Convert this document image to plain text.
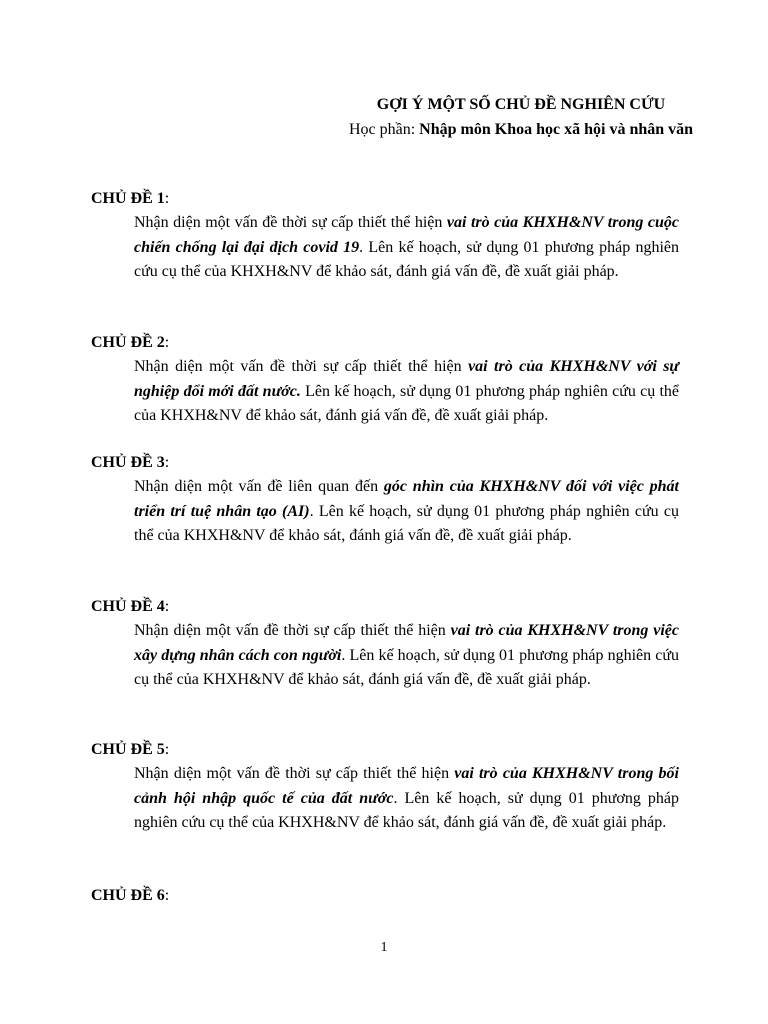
GỢI Ý MỘT SỐ CHỦ ĐỀ NGHIÊN CỨU
Học phần: Nhập môn Khoa học xã hội và nhân văn
CHỦ ĐỀ 1:
Nhận diện một vấn đề thời sự cấp thiết thể hiện vai trò của KHXH&NV trong cuộc chiến chống lại đại dịch covid 19. Lên kế hoạch, sử dụng 01 phương pháp nghiên cứu cụ thể của KHXH&NV để khảo sát, đánh giá vấn đề, đề xuất giải pháp.
CHỦ ĐỀ 2:
Nhận diện một vấn đề thời sự cấp thiết thể hiện vai trò của KHXH&NV với sự nghiệp đổi mới đất nước. Lên kế hoạch, sử dụng 01 phương pháp nghiên cứu cụ thể của KHXH&NV để khảo sát, đánh giá vấn đề, đề xuất giải pháp.
CHỦ ĐỀ 3:
Nhận diện một vấn đề liên quan đến góc nhìn của KHXH&NV đối với việc phát triển trí tuệ nhân tạo (AI). Lên kế hoạch, sử dụng 01 phương pháp nghiên cứu cụ thể của KHXH&NV để khảo sát, đánh giá vấn đề, đề xuất giải pháp.
CHỦ ĐỀ 4:
Nhận diện một vấn đề thời sự cấp thiết thể hiện vai trò của KHXH&NV trong việc xây dựng nhân cách con người. Lên kế hoạch, sử dụng 01 phương pháp nghiên cứu cụ thể của KHXH&NV để khảo sát, đánh giá vấn đề, đề xuất giải pháp.
CHỦ ĐỀ 5:
Nhận diện một vấn đề thời sự cấp thiết thể hiện vai trò của KHXH&NV trong bối cảnh hội nhập quốc tế của đất nước. Lên kế hoạch, sử dụng 01 phương pháp nghiên cứu cụ thể của KHXH&NV để khảo sát, đánh giá vấn đề, đề xuất giải pháp.
CHỦ ĐỀ 6:
1
